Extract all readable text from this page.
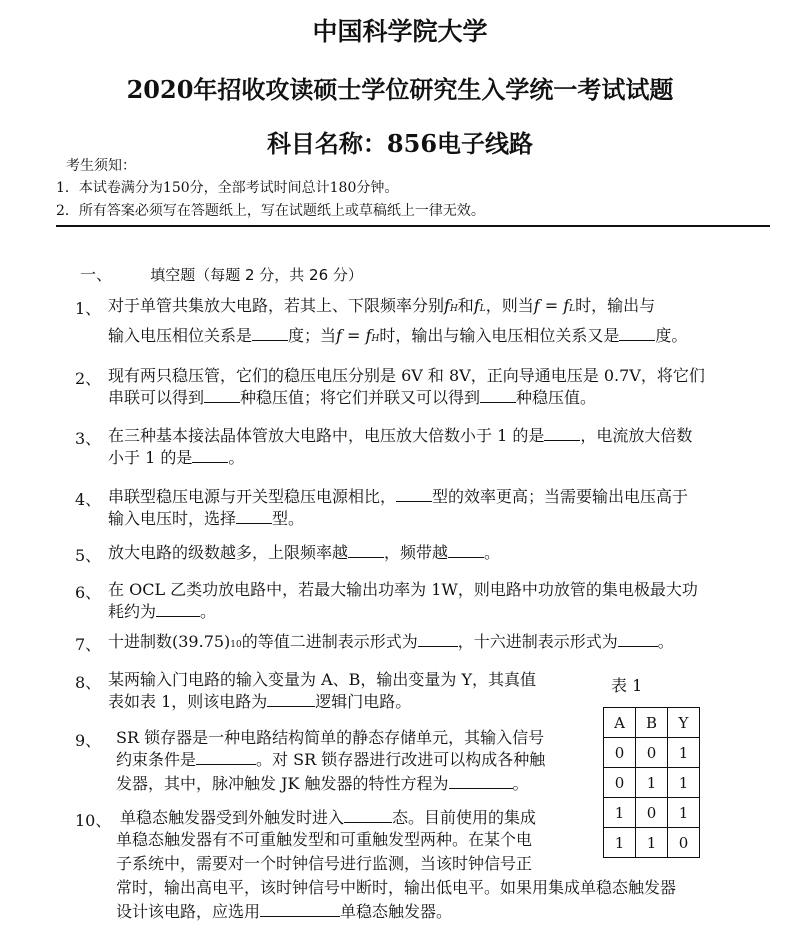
中国科学院大学
2020年招收攻读硕士学位研究生入学统一考试试题
科目名称：856电子线路
考生须知：
1．本试卷满分为150分，全部考试时间总计180分钟。
2．所有答案必须写在答题纸上，写在试题纸上或草稿纸上一律无效。
一、	填空题（每题 2 分，共 26 分）
1、 对于单管共集放大电路，若其上、下限频率分别fH和fL，则当f = fL时，输出与
输入电压相位关系是 度；当f = fH时，输出与输入电压相位关系又是 度。
2、 现有两只稳压管，它们的稳压电压分别是 6V 和 8V，正向导通电压是 0.7V，将它们
串联可以得到 种稳压值；将它们并联又可以得到 种稳压值。
3、 在三种基本接法晶体管放大电路中，电压放大倍数小于 1 的是 ，电流放大倍数
小于 1 的是 。
4、 串联型稳压电源与开关型稳压电源相比， 型的效率更高；当需要输出电压高于
输入电压时，选择 型。
5、 放大电路的级数越多，上限频率越 ，频带越 。
6、 在 OCL 乙类功放电路中，若最大输出功率为 1W，则电路中功放管的集电极最大功
耗约为	。
7、 十进制数(39.75)10的等值二进制表示形式为	，十六进制表示形式为	。
8、 某两输入门电路的输入变量为 A、B，输出变量为 Y，其真值
表如表 1，则该电路为	逻辑门电路。
表 1
A	B	Y
0	0	1
0	1	1
1	0	1
1	1	0
9、 SR 锁存器是一种电路结构简单的静态存储单元，其输入信号
约束条件是	。对 SR 锁存器进行改进可以构成各种触
发器，其中，脉冲触发 JK 触发器的特性方程为	。
10、 单稳态触发器受到外触发时进入	态。目前使用的集成
单稳态触发器有不可重触发型和可重触发型两种。在某个电
子系统中，需要对一个时钟信号进行监测，当该时钟信号正
常时，输出高电平，该时钟信号中断时，输出低电平。如果用集成单稳态触发器
设计该电路，应选用	单稳态触发器。
